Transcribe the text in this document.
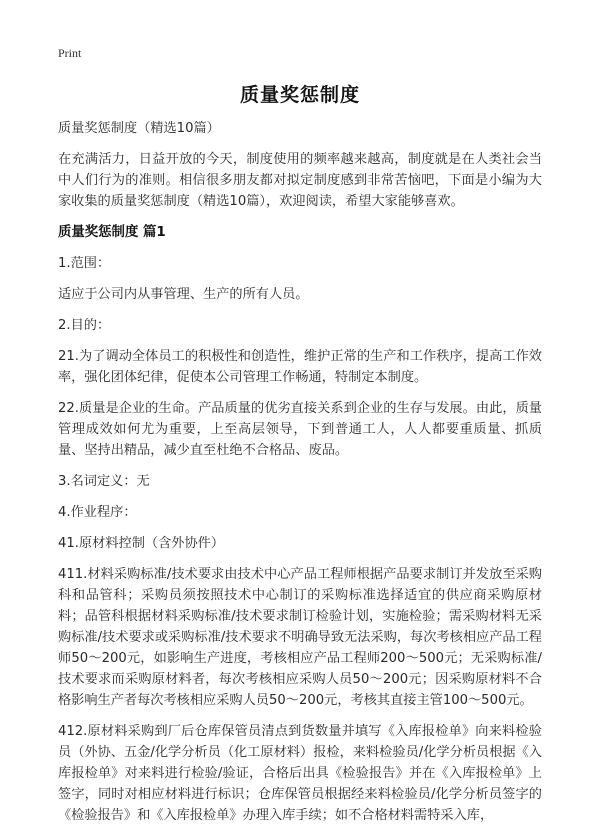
Print
质量奖惩制度

质量奖惩制度（精选10篇）

在充满活力，日益开放的今天，制度使用的频率越来越高，制度就是在人类社会当中人们行为的准则。相信很多朋友都对拟定制度感到非常苦恼吧，下面是小编为大家收集的质量奖惩制度（精选10篇），欢迎阅读，希望大家能够喜欢。

质量奖惩制度 篇1

1.范围：

适应于公司内从事管理、生产的所有人员。

2.目的：

21.为了调动全体员工的积极性和创造性，维护正常的生产和工作秩序，提高工作效率，强化团体纪律，促使本公司管理工作畅通，特制定本制度。

22.质量是企业的生命。产品质量的优劣直接关系到企业的生存与发展。由此，质量管理成效如何尤为重要，上至高层领导，下到普通工人，人人都要重质量、抓质量、坚持出精品，减少直至杜绝不合格品、废品。

3.名词定义：无

4.作业程序：

41.原材料控制（含外协件）

411.材料采购标准/技术要求由技术中心产品工程师根据产品要求制订并发放至采购科和品管科；采购员须按照技术中心制订的采购标准选择适宜的供应商采购原材料；品管科根据材料采购标准/技术要求制订检验计划，实施检验；需采购材料无采购标准/技术要求或采购标准/技术要求不明确导致无法采购，每次考核相应产品工程师50～200元，如影响生产进度，考核相应产品工程师200～500元；无采购标准/技术要求而采购原材料者，每次考核相应采购人员50～200元；因采购原材料不合格影响生产者每次考核相应采购人员50～200元，考核其直接主管100～500元。

412.原材料采购到厂后仓库保管员清点到货数量并填写《入库报检单》向来料检验员（外协、五金/化学分析员（化工原材料）报检，来料检验员/化学分析员根据《入库报检单》对来料进行检验/验证，合格后出具《检验报告》并在《入库报检单》上签字，同时对相应材料进行标识；仓库保管员根据经来料检验员/化学分析员签字的《检验报告》和《入库报检单》办理入库手续；如不合格材料需特采入库，
